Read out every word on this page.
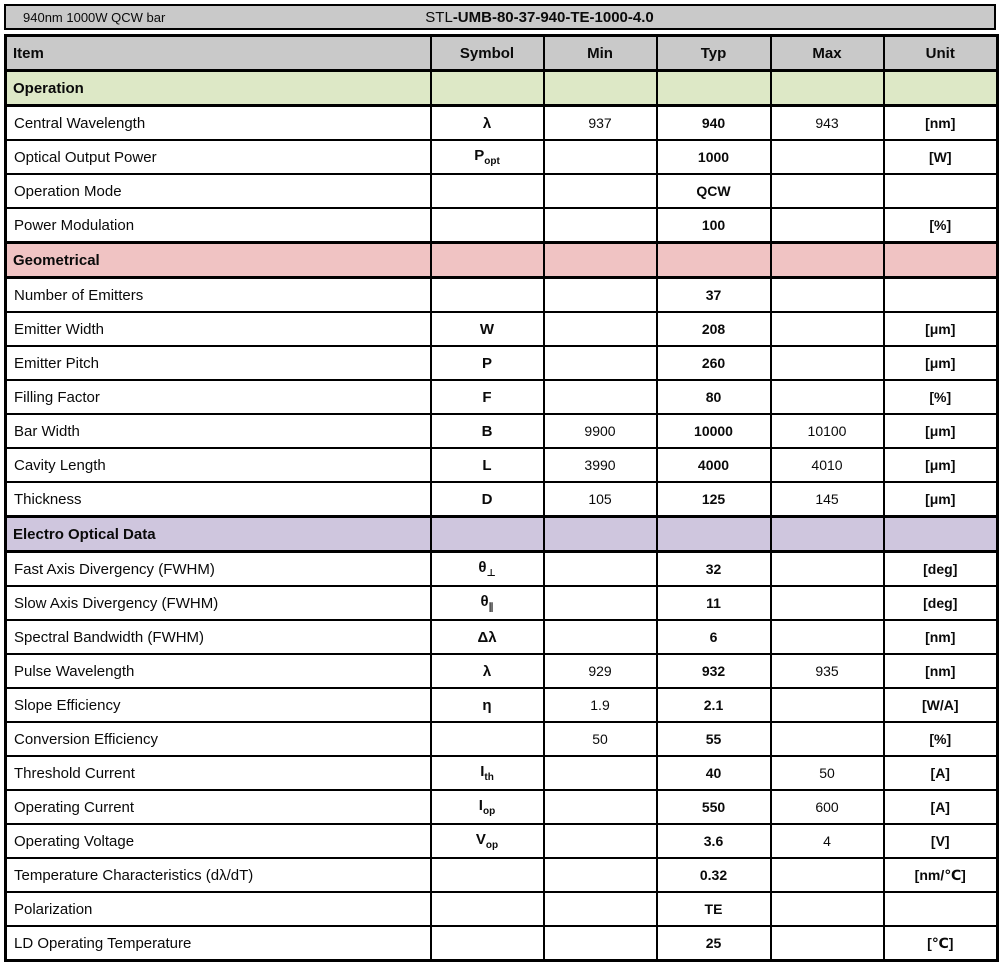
940nm 1000W QCW bar	STL-UMB-80-37-940-TE-1000-4.0
Item	Symbol	Min	Typ	Max	Unit
Operation					
Central Wavelength	λ	937	940	943	[nm]
Optical Output Power	$P_{opt}$		1000		[W]
Operation Mode			QCW		
Power Modulation			100		[%]
Geometrical					
Number of Emitters			37		
Emitter Width	W		208		[μm]
Emitter Pitch	P		260		[μm]
Filling Factor	F		80		[%]
Bar Width	B	9900	10000	10100	[μm]
Cavity Length	L	3990	4000	4010	[μm]
Thickness	D	105	125	145	[μm]
Electro Optical Data					
Fast Axis Divergency (FWHM)	$\theta_\perp$		32		[deg]
Slow Axis Divergency (FWHM)	$\theta_\parallel$		11		[deg]
Spectral Bandwidth (FWHM)	Δλ		6		[nm]
Pulse Wavelength	λ	929	932	935	[nm]
Slope Efficiency	η	1.9	2.1		[W/A]
Conversion Efficiency		50	55		[%]
Threshold Current	$I_{th}$		40	50	[A]
Operating Current	$I_{op}$		550	600	[A]
Operating Voltage	$V_{op}$		3.6	4	[V]
Temperature Characteristics (dλ/dT)			0.32		[nm/℃]
Polarization			TE		
LD Operating Temperature			25		[℃]
